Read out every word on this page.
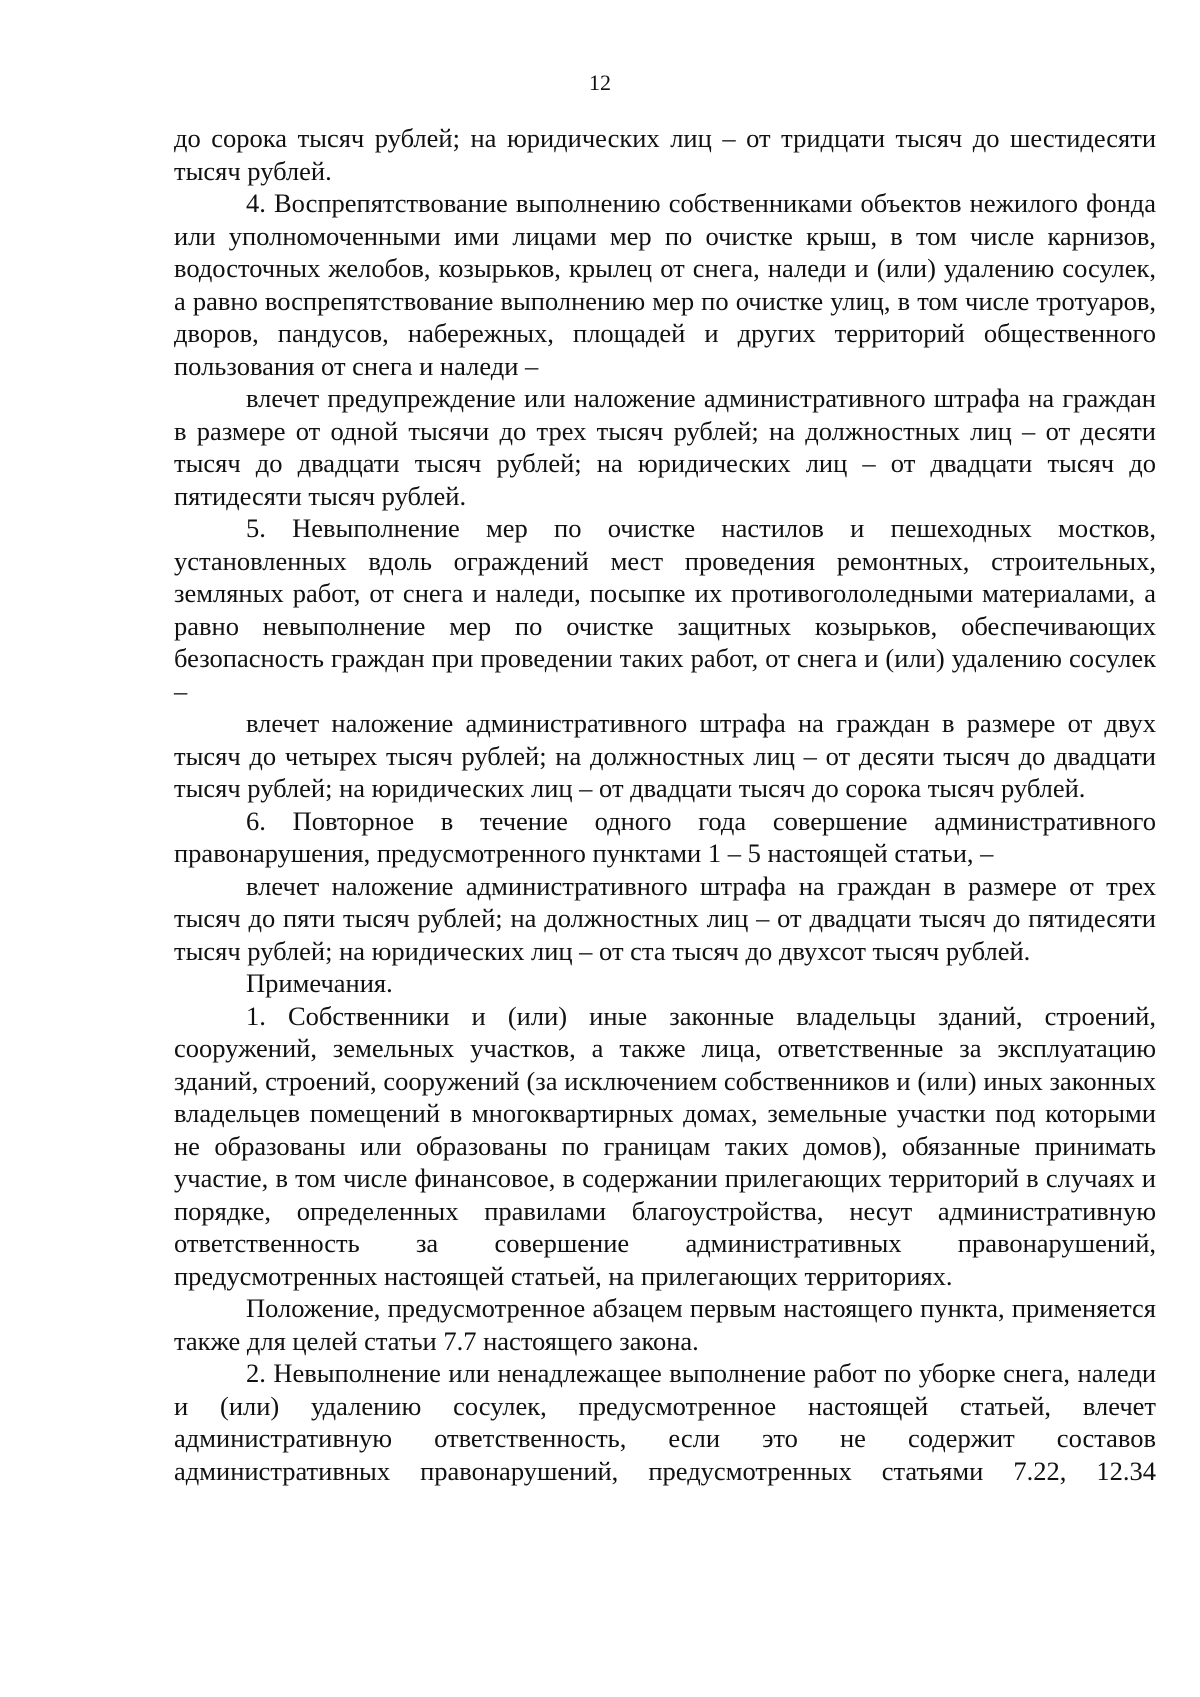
12

до сорока тысяч рублей; на юридических лиц – от тридцати тысяч до шестидесяти тысяч рублей.

4. Воспрепятствование выполнению собственниками объектов нежилого фонда или уполномоченными ими лицами мер по очистке крыш, в том числе карнизов, водосточных желобов, козырьков, крылец от снега, наледи и (или) удалению сосулек, а равно воспрепятствование выполнению мер по очистке улиц, в том числе тротуаров, дворов, пандусов, набережных, площадей и других территорий общественного пользования от снега и наледи –

влечет предупреждение или наложение административного штрафа на граждан в размере от одной тысячи до трех тысяч рублей; на должностных лиц – от десяти тысяч до двадцати тысяч рублей; на юридических лиц – от двадцати тысяч до пятидесяти тысяч рублей.

5. Невыполнение мер по очистке настилов и пешеходных мостков, установленных вдоль ограждений мест проведения ремонтных, строительных, земляных работ, от снега и наледи, посыпке их противогололедными материалами, а равно невыполнение мер по очистке защитных козырьков, обеспечивающих безопасность граждан при проведении таких работ, от снега и (или) удалению сосулек –

влечет наложение административного штрафа на граждан в размере от двух тысяч до четырех тысяч рублей; на должностных лиц – от десяти тысяч до двадцати тысяч рублей; на юридических лиц – от двадцати тысяч до сорока тысяч рублей.

6. Повторное в течение одного года совершение административного правонарушения, предусмотренного пунктами 1 – 5 настоящей статьи, –

влечет наложение административного штрафа на граждан в размере от трех тысяч до пяти тысяч рублей; на должностных лиц – от двадцати тысяч до пятидесяти тысяч рублей; на юридических лиц – от ста тысяч до двухсот тысяч рублей.

Примечания.

1. Собственники и (или) иные законные владельцы зданий, строений, сооружений, земельных участков, а также лица, ответственные за эксплуатацию зданий, строений, сооружений (за исключением собственников и (или) иных законных владельцев помещений в многоквартирных домах, земельные участки под которыми не образованы или образованы по границам таких домов), обязанные принимать участие, в том числе финансовое, в содержании прилегающих территорий в случаях и порядке, определенных правилами благоустройства, несут административную ответственность за совершение административных правонарушений, предусмотренных настоящей статьей, на прилегающих территориях.

Положение, предусмотренное абзацем первым настоящего пункта, применяется также для целей статьи 7.7 настоящего закона.

2. Невыполнение или ненадлежащее выполнение работ по уборке снега, наледи и (или) удалению сосулек, предусмотренное настоящей статьей, влечет административную ответственность, если это не содержит составов административных правонарушений, предусмотренных статьями 7.22, 12.34
